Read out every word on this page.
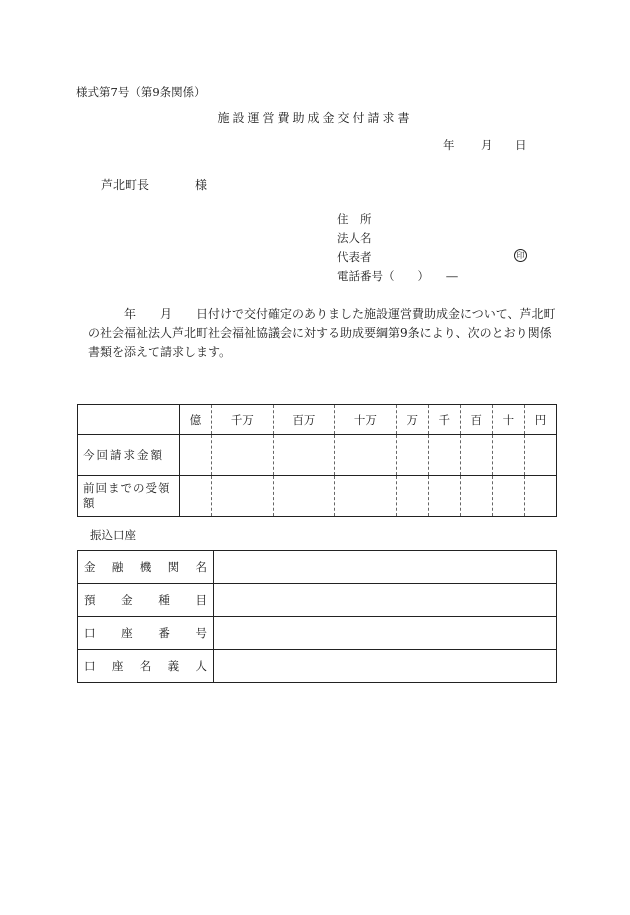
様式第7号（第9条関係）
施設運営費助成金交付請求書
年 月 日
芦北町長	様
住　所
法人名
代表者	印
電話番号（　　）　　―
　　　年　　月　　日付けで交付確定のありました施設運営費助成金について、芦北町
の社会福祉法人芦北町社会福祉協議会に対する助成要綱第9条により、次のとおり関係
書類を添えて請求します。
	億	千万	百万	十万	万	千	百	十	円
今回請求金額									
前回までの受領額									
振込口座
金 融 機 関 名	

預 金 種 目	

口 座 番 号	

口 座 名 義 人	
